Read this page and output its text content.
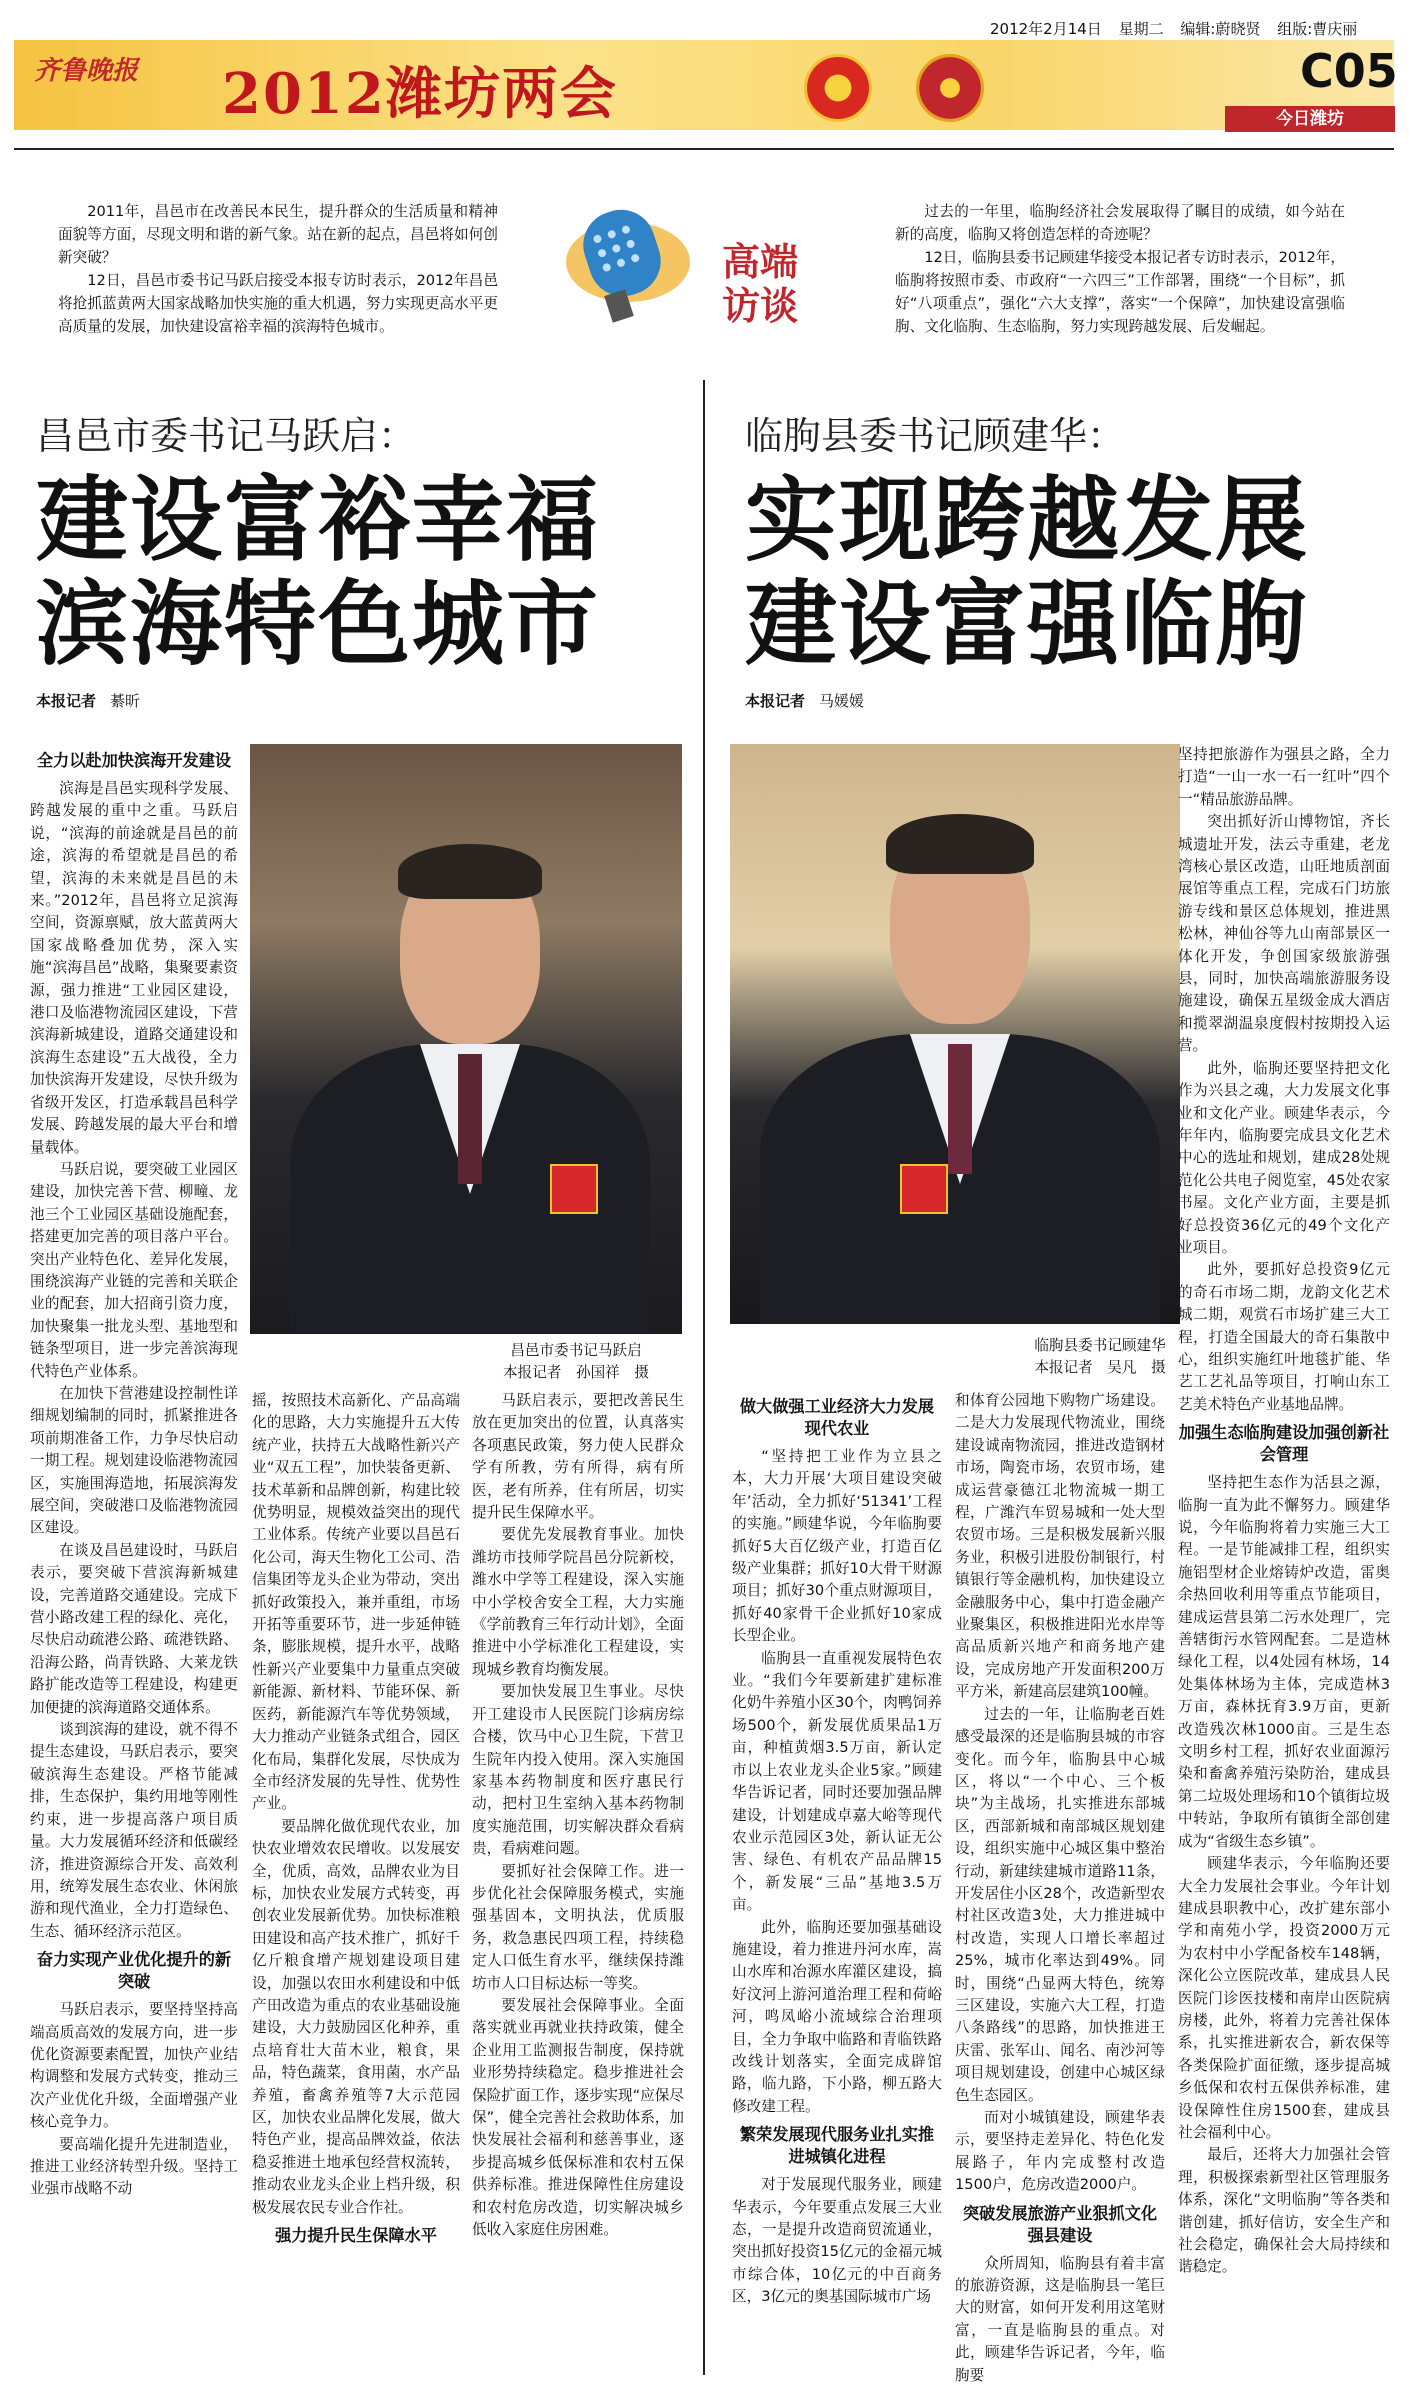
2012年2月14日 星期二 编辑:蔚晓贤 组版:曹庆丽
齐鲁晚报 2012潍坊两会	C05
今日潍坊

2011年，昌邑市在改善民本民生，提升群众的生活质量和精神面貌等方面，尽现文明和谐的新气象。站在新的起点，昌邑将如何创新突破？

12日，昌邑市委书记马跃启接受本报专访时表示，2012年昌邑将抢抓蓝黄两大国家战略加快实施的重大机遇，努力实现更高水平更高质量的发展，加快建设富裕幸福的滨海特色城市。

高端
访谈

过去的一年里，临朐经济社会发展取得了瞩目的成绩，如今站在新的高度，临朐又将创造怎样的奇迹呢？

12日，临朐县委书记顾建华接受本报记者专访时表示，2012年，临朐将按照市委、市政府“一六四三”工作部署，围绕“一个目标”，抓好“八项重点”，强化“六大支撑”，落实“一个保障”，加快建设富强临朐、文化临朐、生态临朐，努力实现跨越发展、后发崛起。

昌邑市委书记马跃启：
建设富裕幸福
滨海特色城市
本报记者 綦昕
临朐县委书记顾建华：
实现跨越发展
建设富强临朐
本报记者 马媛媛
昌邑市委书记马跃启
本报记者　孙国祥　摄
临朐县委书记顾建华
本报记者　吴凡　摄
全力以赴加快滨海开发建设

滨海是昌邑实现科学发展、跨越发展的重中之重。马跃启说，“滨海的前途就是昌邑的前途，滨海的希望就是昌邑的希望，滨海的未来就是昌邑的未来。”2012年，昌邑将立足滨海空间，资源禀赋，放大蓝黄两大国家战略叠加优势，深入实施“滨海昌邑”战略，集聚要素资源，强力推进“工业园区建设，港口及临港物流园区建设，下营滨海新城建设，道路交通建设和滨海生态建设”五大战役，全力加快滨海开发建设，尽快升级为省级开发区，打造承载昌邑科学发展、跨越发展的最大平台和增量载体。

马跃启说，要突破工业园区建设，加快完善下营、柳疃、龙池三个工业园区基础设施配套，搭建更加完善的项目落户平台。突出产业特色化、差异化发展，围绕滨海产业链的完善和关联企业的配套，加大招商引资力度，加快聚集一批龙头型、基地型和链条型项目，进一步完善滨海现代特色产业体系。

在加快下营港建设控制性详细规划编制的同时，抓紧推进各项前期准备工作，力争尽快启动一期工程。规划建设临港物流园区，实施围海造地，拓展滨海发展空间，突破港口及临港物流园区建设。

在谈及昌邑建设时，马跃启表示，要突破下营滨海新城建设，完善道路交通建设。完成下营小路改建工程的绿化、亮化，尽快启动疏港公路、疏港铁路、沿海公路，尚青铁路、大莱龙铁路扩能改造等工程建设，构建更加便捷的滨海道路交通体系。

谈到滨海的建设，就不得不提生态建设，马跃启表示，要突破滨海生态建设。严格节能减排，生态保护，集约用地等刚性约束，进一步提高落户项目质量。大力发展循环经济和低碳经济，推进资源综合开发、高效利用，统筹发展生态农业、休闲旅游和现代渔业，全力打造绿色、生态、循环经济示范区。

奋力实现产业优化提升的新突破

马跃启表示，要坚持坚持高端高质高效的发展方向，进一步优化资源要素配置，加快产业结构调整和发展方式转变，推动三次产业优化升级，全面增强产业核心竞争力。

要高端化提升先进制造业，推进工业经济转型升级。坚持工业强市战略不动

摇，按照技术高新化、产品高端化的思路，大力实施提升五大传统产业，扶持五大战略性新兴产业“双五工程”，加快装备更新、技术革新和品牌创新，构建比较优势明显，规模效益突出的现代工业体系。传统产业要以昌邑石化公司，海天生物化工公司、浩信集团等龙头企业为带动，突出抓好政策投入，兼并重组，市场开拓等重要环节，进一步延伸链条，膨胀规模，提升水平，战略性新兴产业要集中力量重点突破新能源、新材料、节能环保、新医药，新能源汽车等优势领域，大力推动产业链条式组合，园区化布局，集群化发展，尽快成为全市经济发展的先导性、优势性产业。

要品牌化做优现代农业，加快农业增效农民增收。以发展安全，优质，高效，品牌农业为目标，加快农业发展方式转变，再创农业发展新优势。加快标准粮田建设和高产技术推广，抓好千亿斤粮食增产规划建设项目建设，加强以农田水利建设和中低产田改造为重点的农业基础设施建设，大力鼓励园区化种养，重点培育壮大苗木业，粮食，果品，特色蔬菜，食用菌，水产品养殖，畜禽养殖等7大示范园区，加快农业品牌化发展，做大特色产业，提高品牌效益，依法稳妥推进土地承包经营权流转，推动农业龙头企业上档升级，积极发展农民专业合作社。

强力提升民生保障水平

马跃启表示，要把改善民生放在更加突出的位置，认真落实各项惠民政策，努力使人民群众学有所教，劳有所得，病有所医，老有所养，住有所居，切实提升民生保障水平。

要优先发展教育事业。加快潍坊市技师学院昌邑分院新校，潍水中学等工程建设，深入实施中小学校舍安全工程，大力实施《学前教育三年行动计划》，全面推进中小学标准化工程建设，实现城乡教育均衡发展。

要加快发展卫生事业。尽快开工建设市人民医院门诊病房综合楼，饮马中心卫生院，下营卫生院年内投入使用。深入实施国家基本药物制度和医疗惠民行动，把村卫生室纳入基本药物制度实施范围，切实解决群众看病贵，看病难问题。

要抓好社会保障工作。进一步优化社会保障服务模式，实施强基固本，文明执法，优质服务，救急惠民四项工程，持续稳定人口低生育水平，继续保持潍坊市人口目标达标一等奖。

要发展社会保障事业。全面落实就业再就业扶持政策，健全企业用工监测报告制度，保持就业形势持续稳定。稳步推进社会保险扩面工作，逐步实现“应保尽保”，健全完善社会救助体系，加快发展社会福利和慈善事业，逐步提高城乡低保标准和农村五保供养标准。推进保障性住房建设和农村危房改造，切实解决城乡低收入家庭住房困难。

做大做强工业经济大力发展现代农业

“坚持把工业作为立县之本，大力开展‘大项目建设突破年’活动，全力抓好‘51341’工程的实施。”顾建华说，今年临朐要抓好5大百亿级产业，打造百亿级产业集群；抓好10大骨干财源项目；抓好30个重点财源项目，抓好40家骨干企业抓好10家成长型企业。

临朐县一直重视发展特色农业。“我们今年要新建扩建标准化奶牛养殖小区30个，肉鸭饲养场500个，新发展优质果品1万亩，种植黄烟3.5万亩，新认定市以上农业龙头企业5家。”顾建华告诉记者，同时还要加强品牌建设，计划建成卓嘉大峪等现代农业示范园区3处，新认证无公害、绿色、有机农产品品牌15个，新发展“三品”基地3.5万亩。

此外，临朐还要加强基础设施建设，着力推进丹河水库，嵩山水库和冶源水库灌区建设，搞好汶河上游河道治理工程和荷峪河，鸣凤峪小流域综合治理项目，全力争取中临路和青临铁路改线计划落实，全面完成辟馆路，临九路，下小路，柳五路大修改建工程。

繁荣发展现代服务业扎实推进城镇化进程

对于发展现代服务业，顾建华表示，今年要重点发展三大业态，一是提升改造商贸流通业，突出抓好投资15亿元的金福元城市综合体，10亿元的中百商务区，3亿元的奥基国际城市广场

和体育公园地下购物广场建设。二是大力发展现代物流业，围绕建设诚南物流园，推进改造钢材市场，陶瓷市场，农贸市场，建成运营豪德江北物流城一期工程，广潍汽车贸易城和一处大型农贸市场。三是积极发展新兴服务业，积极引进股份制银行，村镇银行等金融机构，加快建设立金融服务中心，集中打造金融产业聚集区，积极推进阳光水岸等高品质新兴地产和商务地产建设，完成房地产开发面积200万平方米，新建高层建筑100幢。

过去的一年，让临朐老百姓感受最深的还是临朐县城的市容变化。而今年，临朐县中心城区，将以“一个中心、三个板块”为主战场，扎实推进东部城区，西部新城和南部城区规划建设，组织实施中心城区集中整治行动，新建续建城市道路11条，开发居住小区28个，改造新型农村社区改造3处，大力推进城中村改造，实现人口增长率超过25%，城市化率达到49%。同时，围绕“凸显两大特色，统筹三区建设，实施六大工程，打造八条路线”的思路，加快推进王庆雷、张军山、闻名、南沙河等项目规划建设，创建中心城区绿色生态园区。

而对小城镇建设，顾建华表示，要坚持走差异化、特色化发展路子，年内完成整村改造1500户，危房改造2000户。

突破发展旅游产业狠抓文化强县建设

众所周知，临朐县有着丰富的旅游资源，这是临朐县一笔巨大的财富，如何开发利用这笔财富，一直是临朐县的重点。对此，顾建华告诉记者，今年，临朐要

坚持把旅游作为强县之路，全力打造“一山一水一石一红叶”四个一“精品旅游品牌。

突出抓好沂山博物馆，齐长城遗址开发，法云寺重建，老龙湾核心景区改造，山旺地质剖面展馆等重点工程，完成石门坊旅游专线和景区总体规划，推进黑松林，神仙谷等九山南部景区一体化开发，争创国家级旅游强县，同时，加快高端旅游服务设施建设，确保五星级金成大酒店和揽翠湖温泉度假村按期投入运营。

此外，临朐还要坚持把文化作为兴县之魂，大力发展文化事业和文化产业。顾建华表示，今年年内，临朐要完成县文化艺术中心的选址和规划，建成28处规范化公共电子阅览室，45处农家书屋。文化产业方面，主要是抓好总投资36亿元的49个文化产业项目。

此外，要抓好总投资9亿元的奇石市场二期，龙韵文化艺术城二期，观赏石市场扩建三大工程，打造全国最大的奇石集散中心，组织实施红叶地毯扩能、华艺工艺礼品等项目，打响山东工艺美术特色产业基地品牌。

加强生态临朐建设加强创新社会管理

坚持把生态作为活县之源，临朐一直为此不懈努力。顾建华说，今年临朐将着力实施三大工程。一是节能减排工程，组织实施铝型材企业熔铸炉改造，雷奥余热回收利用等重点节能项目，建成运营县第二污水处理厂，完善辖街污水管网配套。二是造林绿化工程，以4处园有林场，14处集体林场为主体，完成造林3万亩，森林抚育3.9万亩，更新改造残次林1000亩。三是生态文明乡村工程，抓好农业面源污染和畜禽养殖污染防治，建成县第二垃圾处理场和10个镇街垃圾中转站，争取所有镇街全部创建成为“省级生态乡镇”。

顾建华表示，今年临朐还要大全力发展社会事业。今年计划建成县职教中心，改扩建东部小学和南苑小学，投资2000万元为农村中小学配备校车148辆，深化公立医院改革，建成县人民医院门诊医技楼和南岸山医院病房楼，此外，将着力完善社保体系，扎实推进新农合，新农保等各类保险扩面征缴，逐步提高城乡低保和农村五保供养标准，建设保障性住房1500套，建成县社会福利中心。

最后，还将大力加强社会管理，积极探索新型社区管理服务体系，深化“文明临朐”等各类和谐创建，抓好信访，安全生产和社会稳定，确保社会大局持续和谐稳定。
